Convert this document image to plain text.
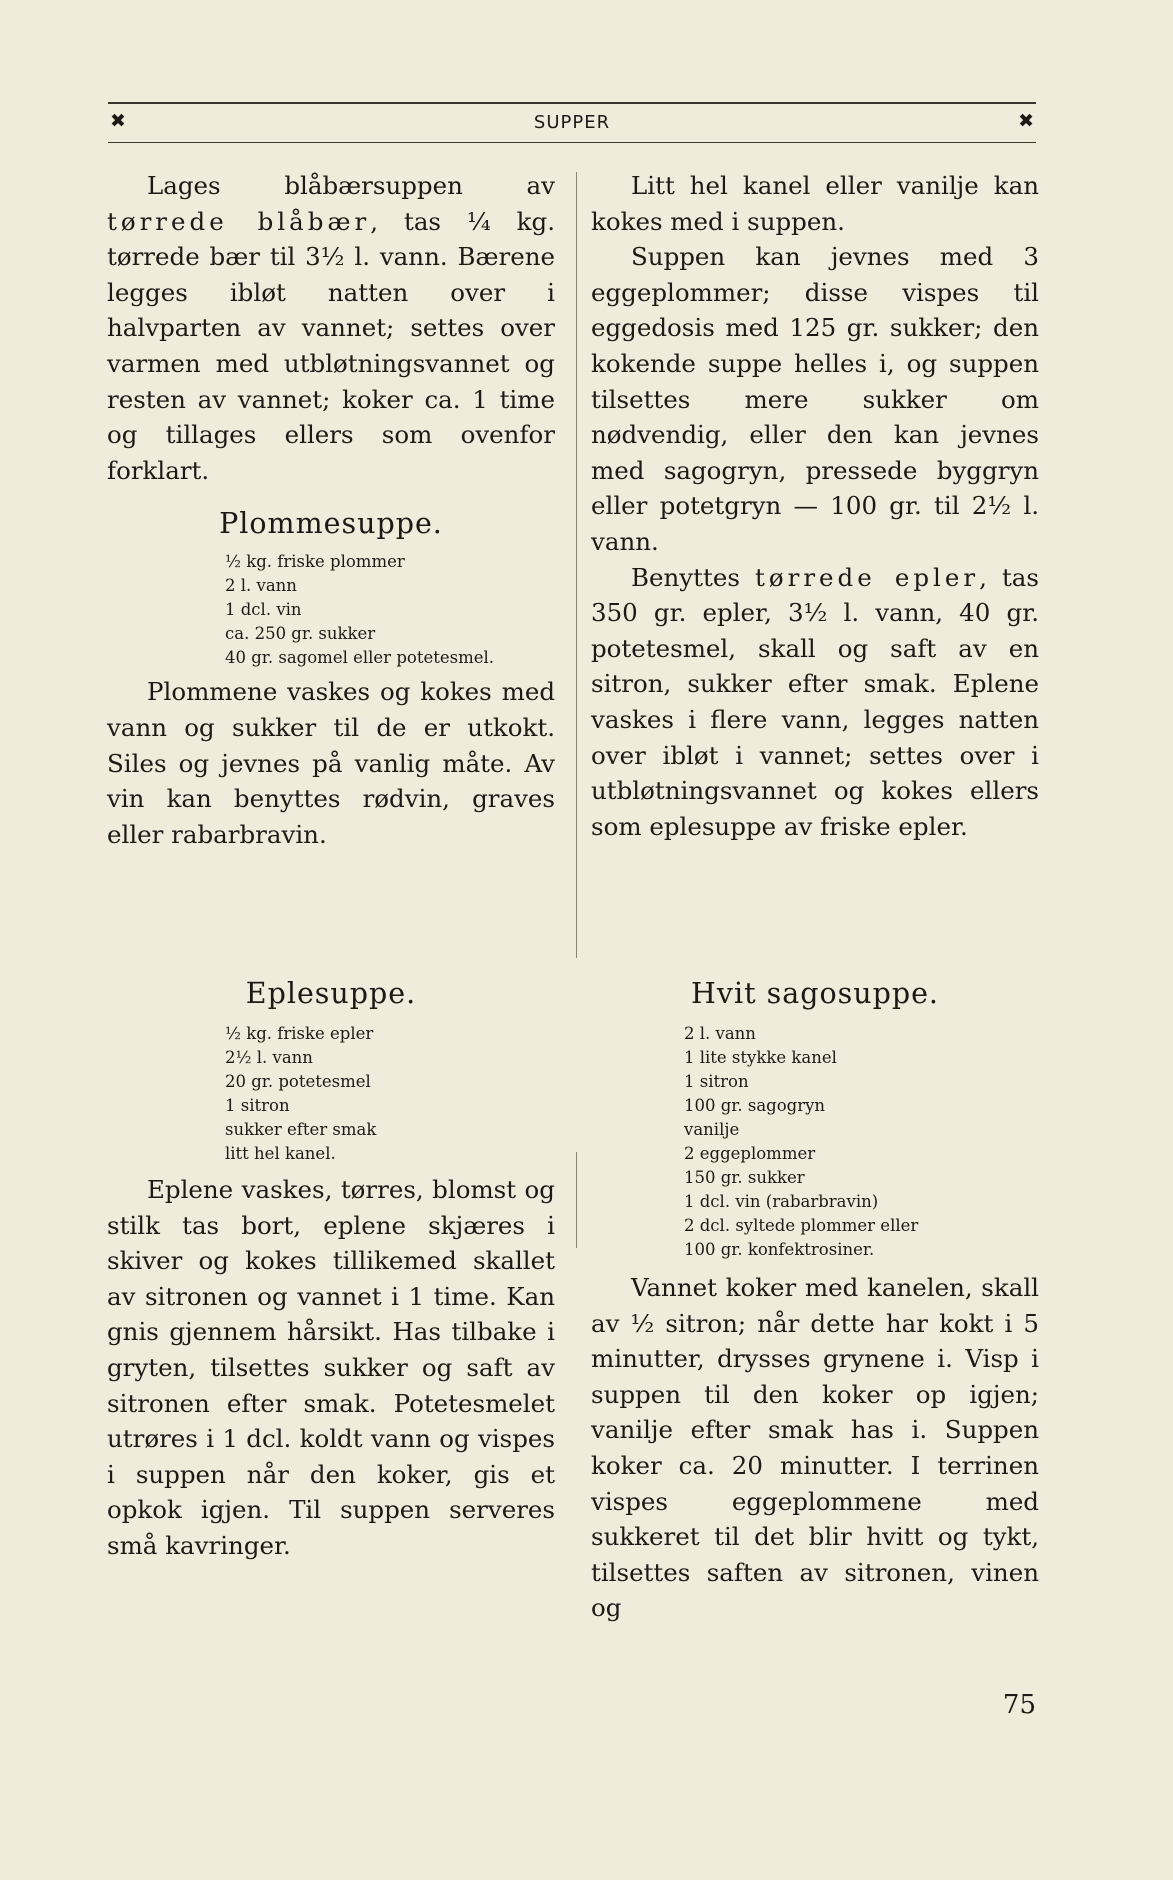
✖	SUPPER	✖

Lages blåbærsuppen av tørrede blåbær, tas ¼ kg. tørrede bær til 3½ l. vann. Bærene legges ibløt natten over i halvparten av vannet; settes over varmen med utbløtningsvannet og resten av vannet; koker ca. 1 time og tillages ellers som ovenfor forklart.

Plommesuppe.
½ kg. friske plommer
2 l. vann
1 dcl. vin
ca. 250 gr. sukker
40 gr. sagomel eller potetesmel.

Plommene vaskes og kokes med vann og sukker til de er utkokt. Siles og jevnes på vanlig måte. Av vin kan benyttes rødvin, graves eller rabarbravin.

Litt hel kanel eller vanilje kan kokes med i suppen.

Suppen kan jevnes med 3 eggeplommer; disse vispes til eggedosis med 125 gr. sukker; den kokende suppe helles i, og suppen tilsettes mere sukker om nødvendig, eller den kan jevnes med sagogryn, pressede byggryn eller potetgryn — 100 gr. til 2½ l. vann.

Benyttes tørrede epler, tas 350 gr. epler, 3½ l. vann, 40 gr. potetesmel, skall og saft av en sitron, sukker efter smak. Eplene vaskes i flere vann, legges natten over ibløt i vannet; settes over i utbløtningsvannet og kokes ellers som eplesuppe av friske epler.

Eplesuppe.
½ kg. friske epler
2½ l. vann
20 gr. potetesmel
1 sitron
sukker efter smak
litt hel kanel.

Eplene vaskes, tørres, blomst og stilk tas bort, eplene skjæres i skiver og kokes tillikemed skallet av sitronen og vannet i 1 time. Kan gnis gjennem hårsikt. Has tilbake i gryten, tilsettes sukker og saft av sitronen efter smak. Potetesmelet utrøres i 1 dcl. koldt vann og vispes i suppen når den koker, gis et opkok igjen. Til suppen serveres små kavringer.

Hvit sagosuppe.
2 l. vann
1 lite stykke kanel
1 sitron
100 gr. sagogryn
vanilje
2 eggeplommer
150 gr. sukker
1 dcl. vin (rabarbravin)
2 dcl. syltede plommer eller
100 gr. konfektrosiner.

Vannet koker med kanelen, skall av ½ sitron; når dette har kokt i 5 minutter, drysses grynene i. Visp i suppen til den koker op igjen; vanilje efter smak has i. Suppen koker ca. 20 minutter. I terrinen vispes eggeplommene med sukkeret til det blir hvitt og tykt, tilsettes saften av sitronen, vinen og

75
